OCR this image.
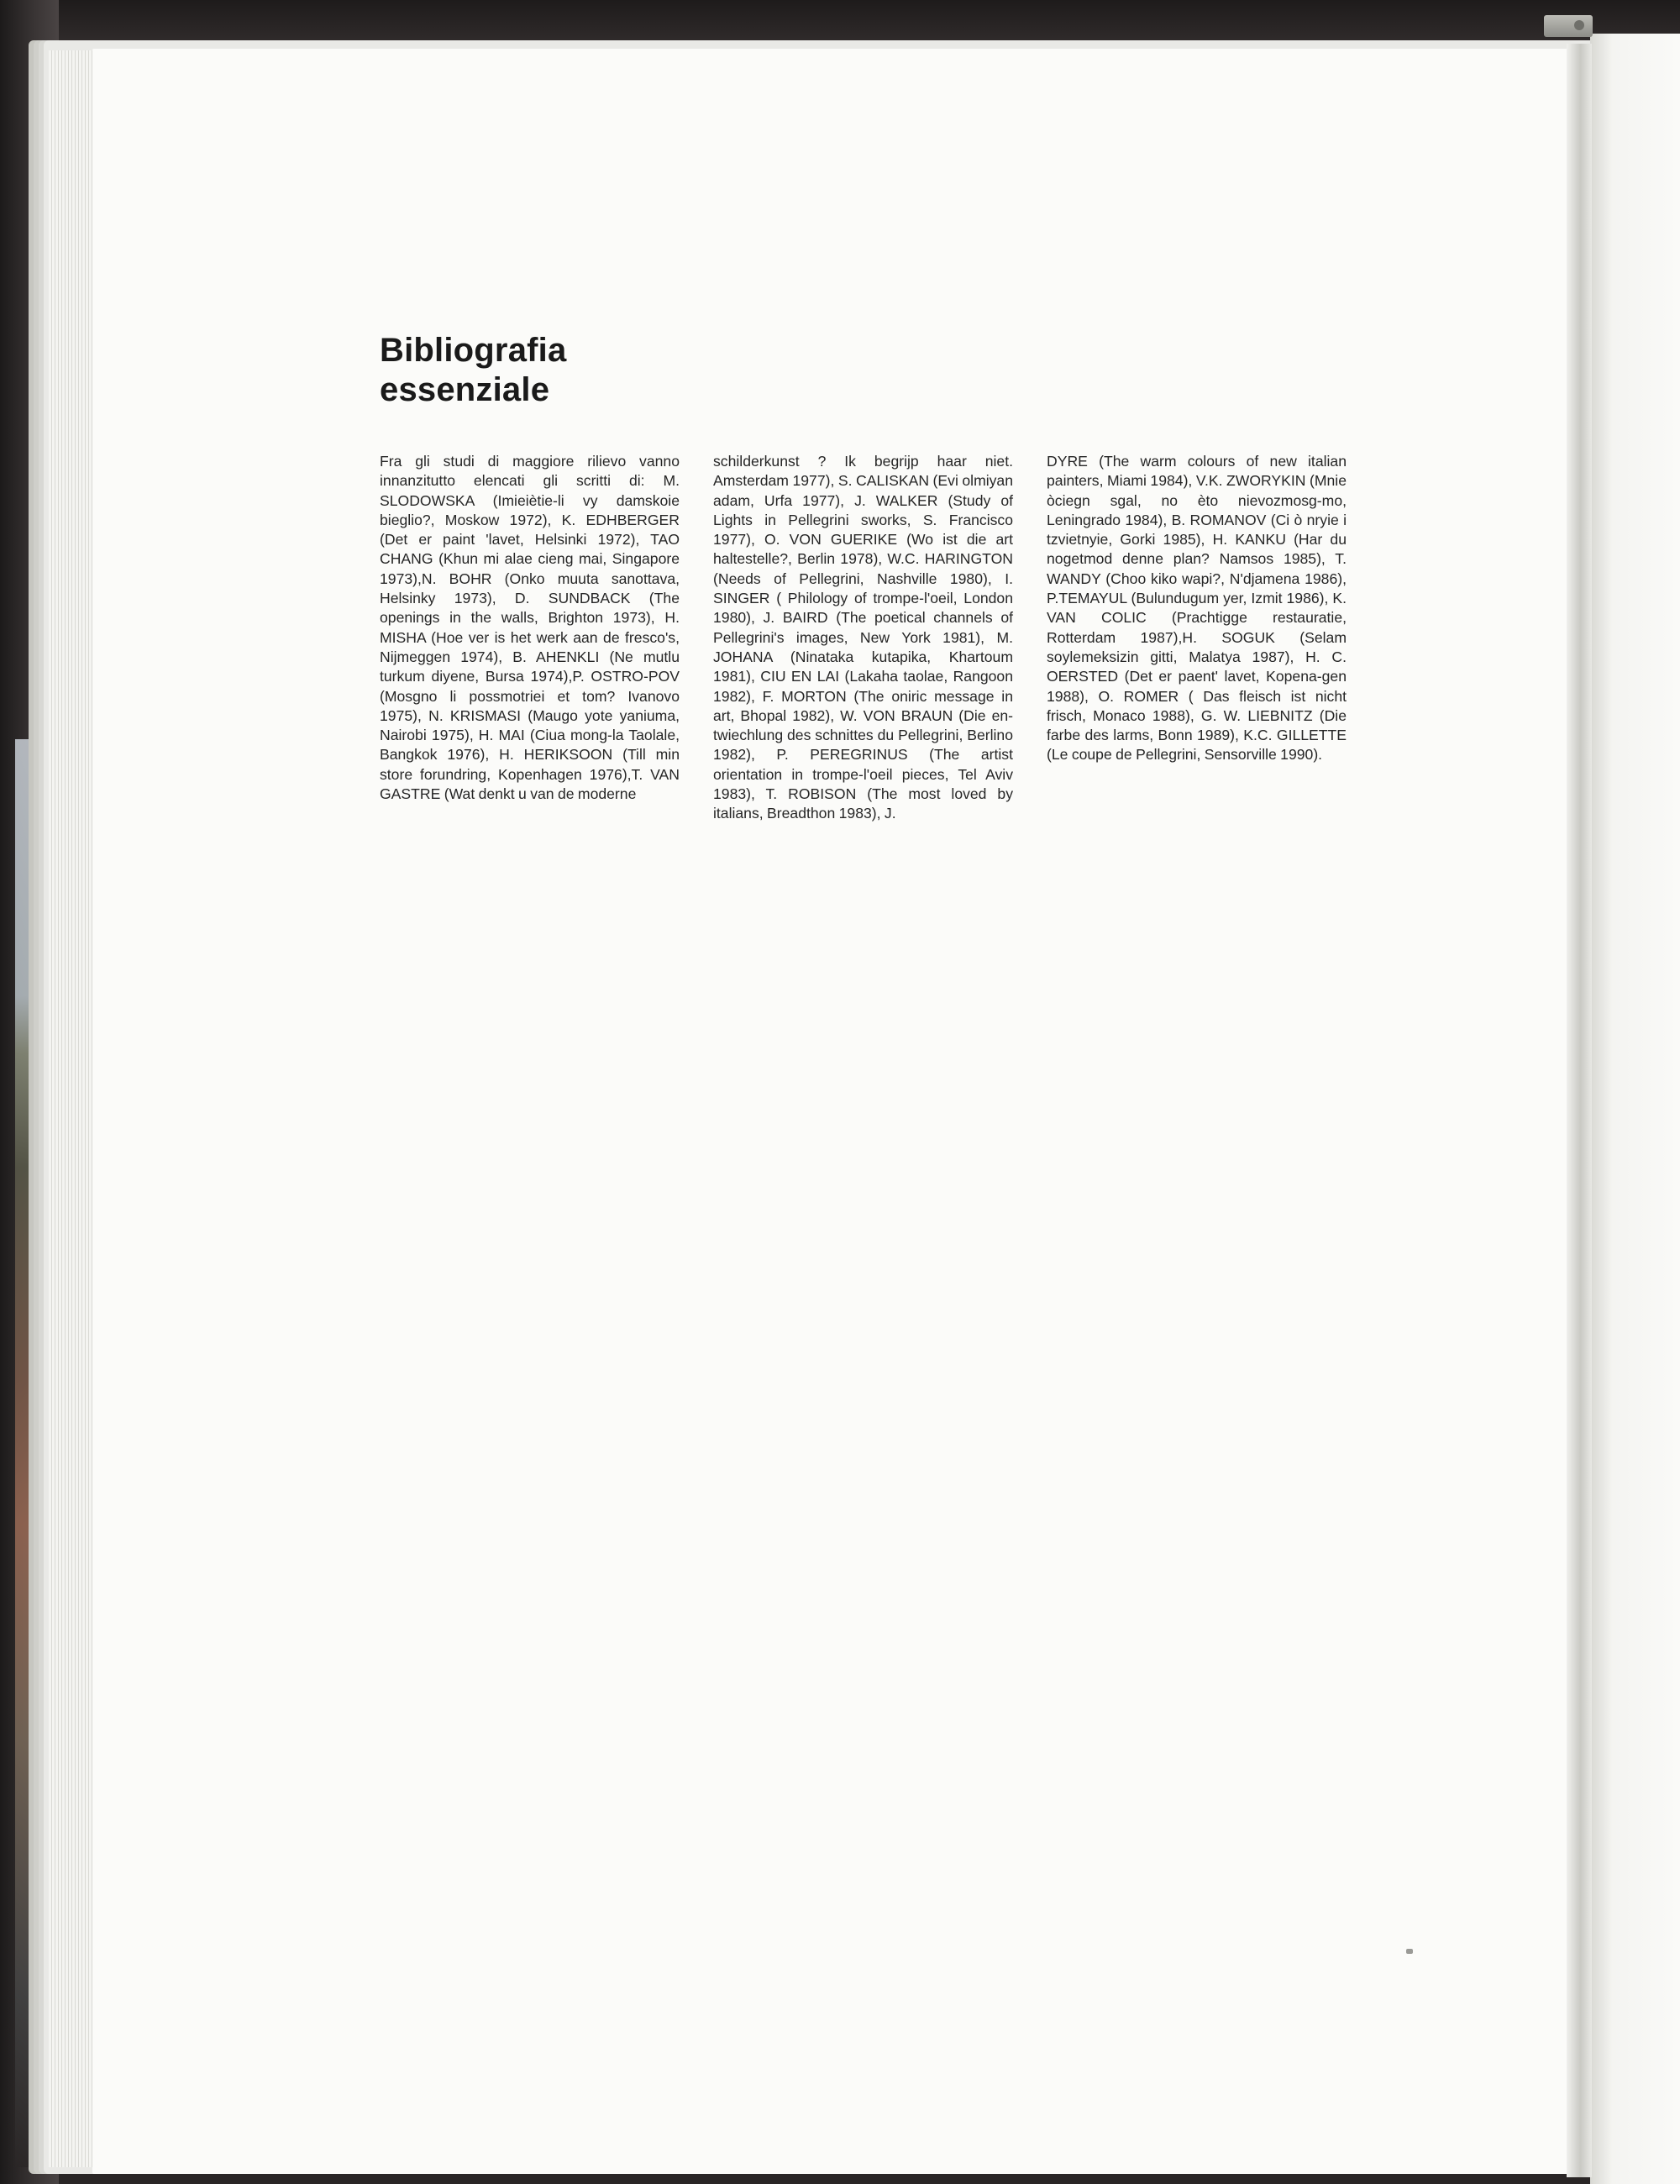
Bibliografia
essenziale

Fra gli studi di maggiore rilievo vanno innanzitutto elencati gli scritti di: M. SLODOWSKA (Imieiètie-li vy damskoie bieglio?, Moskow 1972), K. EDHBERGER (Det er paint 'lavet, Helsinki 1972), TAO CHANG (Khun mi alae cieng mai, Singapore 1973),N. BOHR (Onko muuta sanottava, Helsinky 1973), D. SUNDBACK (The openings in the walls, Brighton 1973), H. MISHA (Hoe ver is het werk aan de fresco's, Nijmeggen 1974), B. AHENKLI (Ne mutlu turkum diyene, Bursa 1974),P. OSTRO-POV (Mosgno li possmotriei et tom? Ivanovo 1975), N. KRISMASI (Maugo yote yaniuma, Nairobi 1975), H. MAI (Ciua mong-la Taolale, Bangkok 1976), H. HERIKSOON (Till min store forundring, Kopenhagen 1976),T. VAN GASTRE (Wat denkt u van de moderne

schilderkunst ? Ik begrijp haar niet. Amsterdam 1977), S. CALISKAN (Evi olmiyan adam, Urfa 1977), J. WALKER (Study of Lights in Pellegrini sworks, S. Francisco 1977), O. VON GUERIKE (Wo ist die art haltestelle?, Berlin 1978), W.C. HARINGTON (Needs of Pellegrini, Nashville 1980), I. SINGER ( Philology of trompe-l'oeil, London 1980), J. BAIRD (The poetical channels of Pellegrini's images, New York 1981), M. JOHANA (Ninataka kutapika, Khartoum 1981), CIU EN LAI (Lakaha taolae, Rangoon 1982), F. MORTON (The oniric message in art, Bhopal 1982), W. VON BRAUN (Die en-twiechlung des schnittes du Pellegrini, Berlino 1982), P. PEREGRINUS (The artist orientation in trompe-l'oeil pieces, Tel Aviv 1983), T. ROBISON (The most loved by italians, Breadthon 1983), J.

DYRE (The warm colours of new italian painters, Miami 1984), V.K. ZWORYKIN (Mnie òciegn sgal, no èto nievozmosg-mo, Leningrado 1984), B. ROMANOV (Ci ò nryie i tzvietnyie, Gorki 1985), H. KANKU (Har du nogetmod denne plan? Namsos 1985), T. WANDY (Choo kiko wapi?, N'djamena 1986), P.TEMAYUL (Bulundugum yer, Izmit 1986), K. VAN COLIC (Prachtigge restauratie, Rotterdam 1987),H. SOGUK (Selam soylemeksizin gitti, Malatya 1987), H. C. OERSTED (Det er paent' lavet, Kopena-gen 1988), O. ROMER ( Das fleisch ist nicht frisch, Monaco 1988), G. W. LIEBNITZ (Die farbe des larms, Bonn 1989), K.C. GILLETTE (Le coupe de Pellegrini, Sensorville 1990).
